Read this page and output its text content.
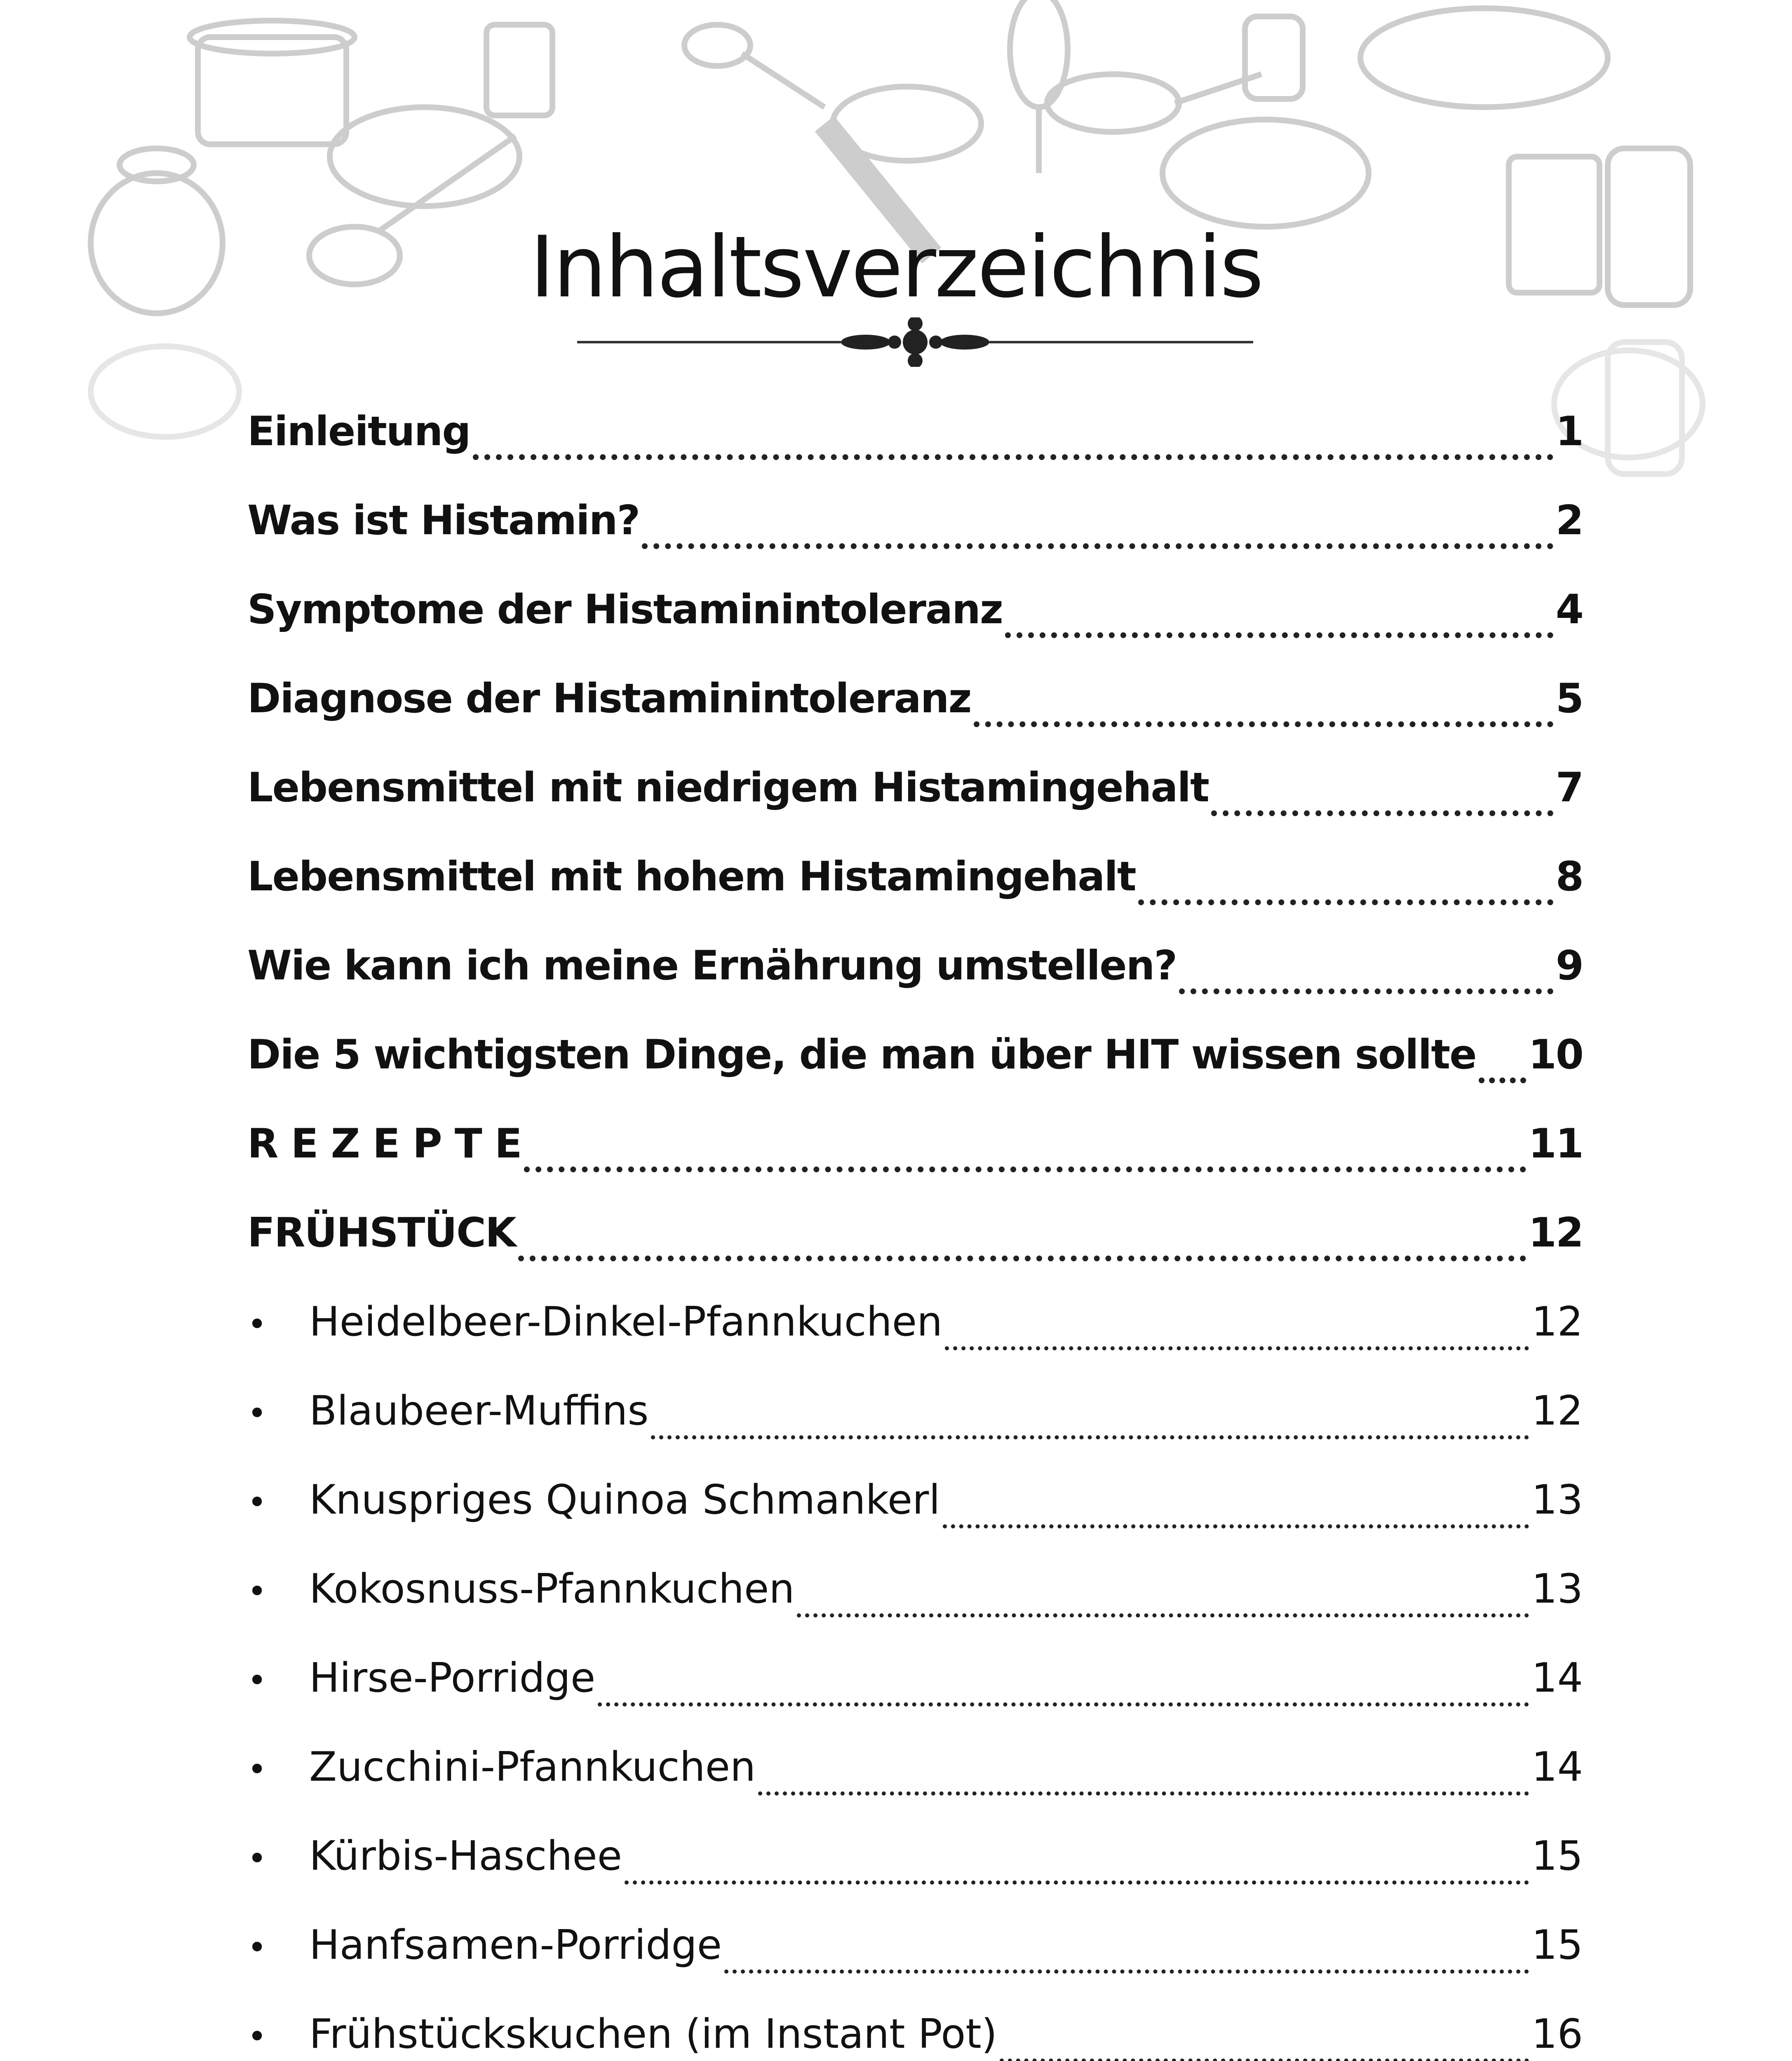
Inhaltsverzeichnis
Einleitung	1
Was ist Histamin?	2
Symptome der Histaminintoleranz	4
Diagnose der Histaminintoleranz	5
Lebensmittel mit niedrigem Histamingehalt	7
Lebensmittel mit hohem Histamingehalt	8
Wie kann ich meine Ernährung umstellen?	9
Die 5 wichtigsten Dinge, die man über HIT wissen sollte 10
R E Z E P T E	11
FRÜHSTÜCK	12
•	Heidelbeer-Dinkel-Pfannkuchen	12
•	Blaubeer-Muffins	12
•	Knuspriges Quinoa Schmankerl	13
•	Kokosnuss-Pfannkuchen	13
•	Hirse-Porridge	14
•	Zucchini-Pfannkuchen	14
•	Kürbis-Haschee	15
•	Hanfsamen-Porridge	15
•	Frühstückskuchen (im Instant Pot)	16
